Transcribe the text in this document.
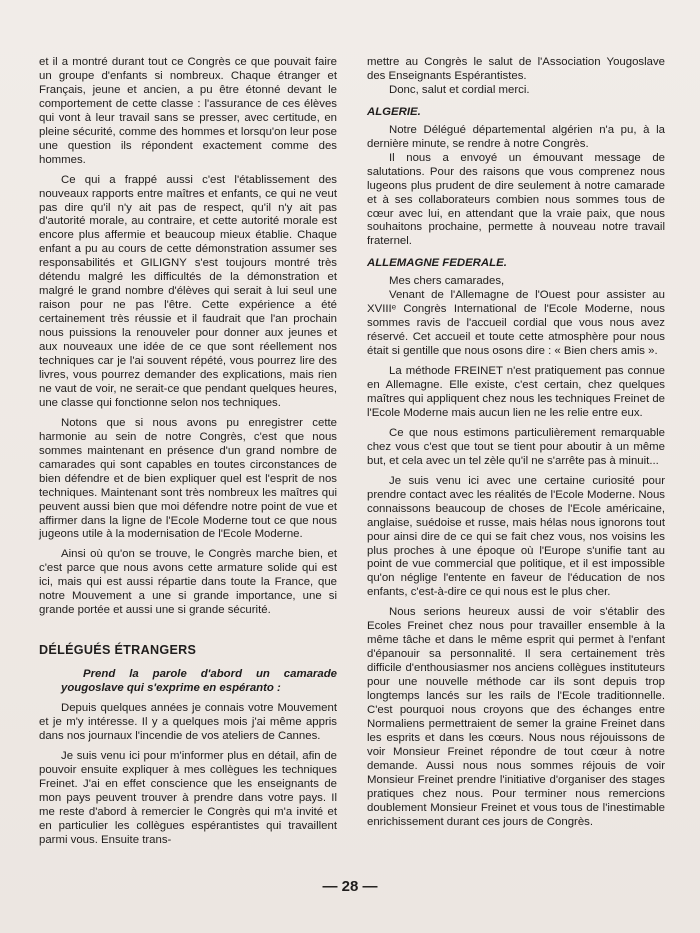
et il a montré durant tout ce Congrès ce que pouvait faire un groupe d'enfants si nombreux. Chaque étranger et Français, jeune et ancien, a pu être étonné devant le comportement de cette classe : l'assurance de ces élèves qui vont à leur travail sans se presser, avec certitude, en pleine sécurité, comme des hommes et lorsqu'on leur pose une question ils répondent exactement comme des hommes.

Ce qui a frappé aussi c'est l'établissement des nouveaux rapports entre maîtres et enfants, ce qui ne veut pas dire qu'il n'y ait pas de respect, qu'il n'y ait pas d'autorité morale, au contraire, et cette autorité morale est encore plus affermie et beaucoup mieux établie. Chaque enfant a pu au cours de cette démonstration assumer ses responsabilités et GILIGNY s'est toujours montré très détendu malgré les difficultés de la démonstration et malgré le grand nombre d'élèves qui serait à lui seul une raison pour ne pas l'être. Cette expérience a été certainement très réussie et il faudrait que l'an prochain nous puissions la renouveler pour donner aux jeunes et aux nouveaux une idée de ce que sont réellement nos techniques car je l'ai souvent répété, vous pourrez lire des livres, vous pourrez demander des explications, mais rien ne vaut de voir, ne serait-ce que pendant quelques heures, une classe qui fonctionne selon nos techniques.

Notons que si nous avons pu enregistrer cette harmonie au sein de notre Congrès, c'est que nous sommes maintenant en présence d'un grand nombre de camarades qui sont capables en toutes circonstances de bien défendre et de bien expliquer quel est l'esprit de nos techniques. Maintenant sont très nombreux les maîtres qui peuvent aussi bien que moi défendre notre point de vue et affirmer dans la ligne de l'Ecole Moderne tout ce que nous jugeons utile à la modernisation de l'Ecole Moderne.

Ainsi où qu'on se trouve, le Congrès marche bien, et c'est parce que nous avons cette armature solide qui est ici, mais qui est aussi répartie dans toute la France, que notre Mouvement a une si grande importance, une si grande portée et aussi une si grande sécurité.

DÉLÉGUÉS ÉTRANGERS

Prend la parole d'abord un camarade yougoslave qui s'exprime en espéranto :

Depuis quelques années je connais votre Mouvement et je m'y intéresse. Il y a quelques mois j'ai même appris dans nos journaux l'incendie de vos ateliers de Cannes.

Je suis venu ici pour m'informer plus en détail, afin de pouvoir ensuite expliquer à mes collègues les techniques Freinet. J'ai en effet conscience que les enseignants de mon pays peuvent trouver à prendre dans votre pays. Il me reste d'abord à remercier le Congrès qui m'a invité et en particulier les collègues espérantistes qui travaillent parmi vous. Ensuite trans-

mettre au Congrès le salut de l'Association Yougoslave des Enseignants Espérantistes.

Donc, salut et cordial merci.

ALGERIE.

Notre Délégué départemental algérien n'a pu, à la dernière minute, se rendre à notre Congrès.

Il nous a envoyé un émouvant message de salutations. Pour des raisons que vous comprenez nous lugeons plus prudent de dire seulement à notre camarade et à ses collaborateurs combien nous sommes tous de cœur avec lui, en attendant que la vraie paix, que nous souhaitons prochaine, permette à nouveau notre travail fraternel.

ALLEMAGNE FEDERALE.

Mes chers camarades,

Venant de l'Allemagne de l'Ouest pour assister au XVIIIᵉ Congrès International de l'Ecole Moderne, nous sommes ravis de l'accueil cordial que vous nous avez réservé. Cet accueil et toute cette atmosphère pour nous était si gentille que nous osons dire : « Bien chers amis ».

La méthode FREINET n'est pratiquement pas connue en Allemagne. Elle existe, c'est certain, chez quelques maîtres qui appliquent chez nous les techniques Freinet de l'Ecole Moderne mais aucun lien ne les relie entre eux.

Ce que nous estimons particulièrement remarquable chez vous c'est que tout se tient pour aboutir à un même but, et cela avec un tel zèle qu'il ne s'arrête pas à minuit...

Je suis venu ici avec une certaine curiosité pour prendre contact avec les réalités de l'Ecole Moderne. Nous connaissons beaucoup de choses de l'Ecole américaine, anglaise, suédoise et russe, mais hélas nous ignorons tout pour ainsi dire de ce qui se fait chez vous, nos voisins les plus proches à une époque où l'Europe s'unifie tant au point de vue commercial que politique, et il est impossible qu'on néglige l'entente en faveur de l'éducation de nos enfants, c'est-à-dire ce qui nous est le plus cher.

Nous serions heureux aussi de voir s'établir des Ecoles Freinet chez nous pour travailler ensemble à la même tâche et dans le même esprit qui permet à l'enfant d'épanouir sa personnalité. Il sera certainement très difficile d'enthousiasmer nos anciens collègues instituteurs pour une nouvelle méthode car ils sont depuis trop longtemps lancés sur les rails de l'Ecole traditionnelle. C'est pourquoi nous croyons que des échanges entre Normaliens permettraient de semer la graine Freinet dans les esprits et dans les cœurs. Nous nous réjouissons de voir Monsieur Freinet répondre de tout cœur à notre demande. Aussi nous nous sommes réjouis de voir Monsieur Freinet prendre l'initiative d'organiser des stages pratiques chez nous. Pour terminer nous remercions doublement Monsieur Freinet et vous tous de l'inestimable enrichissement durant ces jours de Congrès.

— 28 —
